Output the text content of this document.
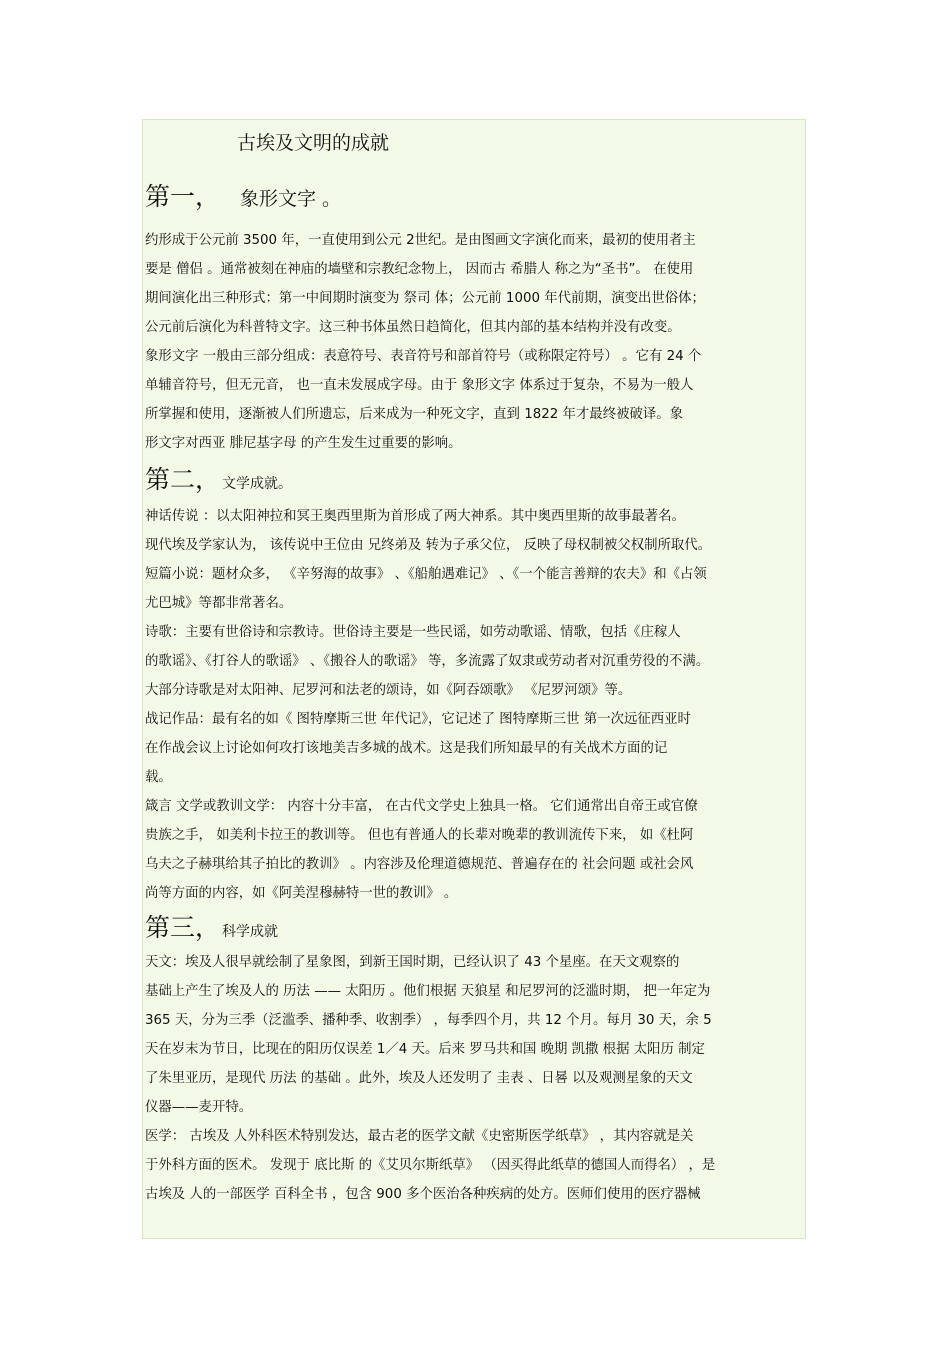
古埃及文明的成就
第一， 象形文字 。
约形成于公元前 3500 年，一直使用到公元 2世纪。是由图画文字演化而来，最初的使用者主
要是 僧侣 。通常被刻在神庙的墙壁和宗教纪念物上， 因而古 希腊人 称之为“圣书”。 在使用
期间演化出三种形式：第一中间期时演变为 祭司 体；公元前 1000 年代前期，演变出世俗体；
公元前后演化为科普特文字。这三种书体虽然日趋简化，但其内部的基本结构并没有改变。
象形文字 一般由三部分组成：表意符号、表音符号和部首符号（或称限定符号） 。它有 24 个
单辅音符号，但无元音， 也一直未发展成字母。由于 象形文字 体系过于复杂，不易为一般人
所掌握和使用，逐渐被人们所遗忘，后来成为一种死文字，直到 1822 年才最终被破译。象
形文字对西亚 腓尼基字母 的产生发生过重要的影响。
第二， 文学成就。
神话传说 ：以太阳神拉和冥王奥西里斯为首形成了两大神系。其中奥西里斯的故事最著名。
现代埃及学家认为， 该传说中王位由 兄终弟及 转为子承父位， 反映了母权制被父权制所取代。
短篇小说：题材众多， 《辛努海的故事》 、《船舶遇难记》 、《一个能言善辩的农夫》和《占领
尤巴城》等都非常著名。
诗歌：主要有世俗诗和宗教诗。世俗诗主要是一些民谣，如劳动歌谣、情歌，包括《庄稼人
的歌谣》、《打谷人的歌谣》 、《搬谷人的歌谣》 等，多流露了奴隶或劳动者对沉重劳役的不满。
大部分诗歌是对太阳神、尼罗河和法老的颂诗，如《阿吞颂歌》 《尼罗河颂》等。
战记作品：最有名的如《 图特摩斯三世 年代记》，它记述了 图特摩斯三世 第一次远征西亚时
在作战会议上讨论如何攻打该地美吉多城的战术。这是我们所知最早的有关战术方面的记
载。
箴言 文学或教训文学： 内容十分丰富， 在古代文学史上独具一格。 它们通常出自帝王或官僚
贵族之手， 如美利卡拉王的教训等。 但也有普通人的长辈对晚辈的教训流传下来， 如《杜阿
乌夫之子赫琪给其子拍比的教训》 。内容涉及伦理道德规范、普遍存在的 社会问题 或社会风
尚等方面的内容，如《阿美涅穆赫特一世的教训》 。
第三， 科学成就
天文：埃及人很早就绘制了星象图，到新王国时期，已经认识了 43 个星座。在天文观察的
基础上产生了埃及人的 历法 —— 太阳历 。他们根据 天狼星 和尼罗河的泛滥时期， 把一年定为
365 天，分为三季（泛滥季、播种季、收割季） ，每季四个月，共 12 个月。每月 30 天，余 5
天在岁末为节日，比现在的阳历仅误差 1／4 天。后来 罗马共和国 晚期 凯撒 根据 太阳历 制定
了朱里亚历，是现代 历法 的基础 。此外，埃及人还发明了 圭表 、日晷 以及观测星象的天文
仪器——麦开特。
医学： 古埃及 人外科医术特别发达，最古老的医学文献《史密斯医学纸草》 ，其内容就是关
于外科方面的医术。 发现于 底比斯 的《艾贝尔斯纸草》 （因买得此纸草的德国人而得名） ，是
古埃及 人的一部医学 百科全书 ，包含 900 多个医治各种疾病的处方。医师们使用的医疗器械
